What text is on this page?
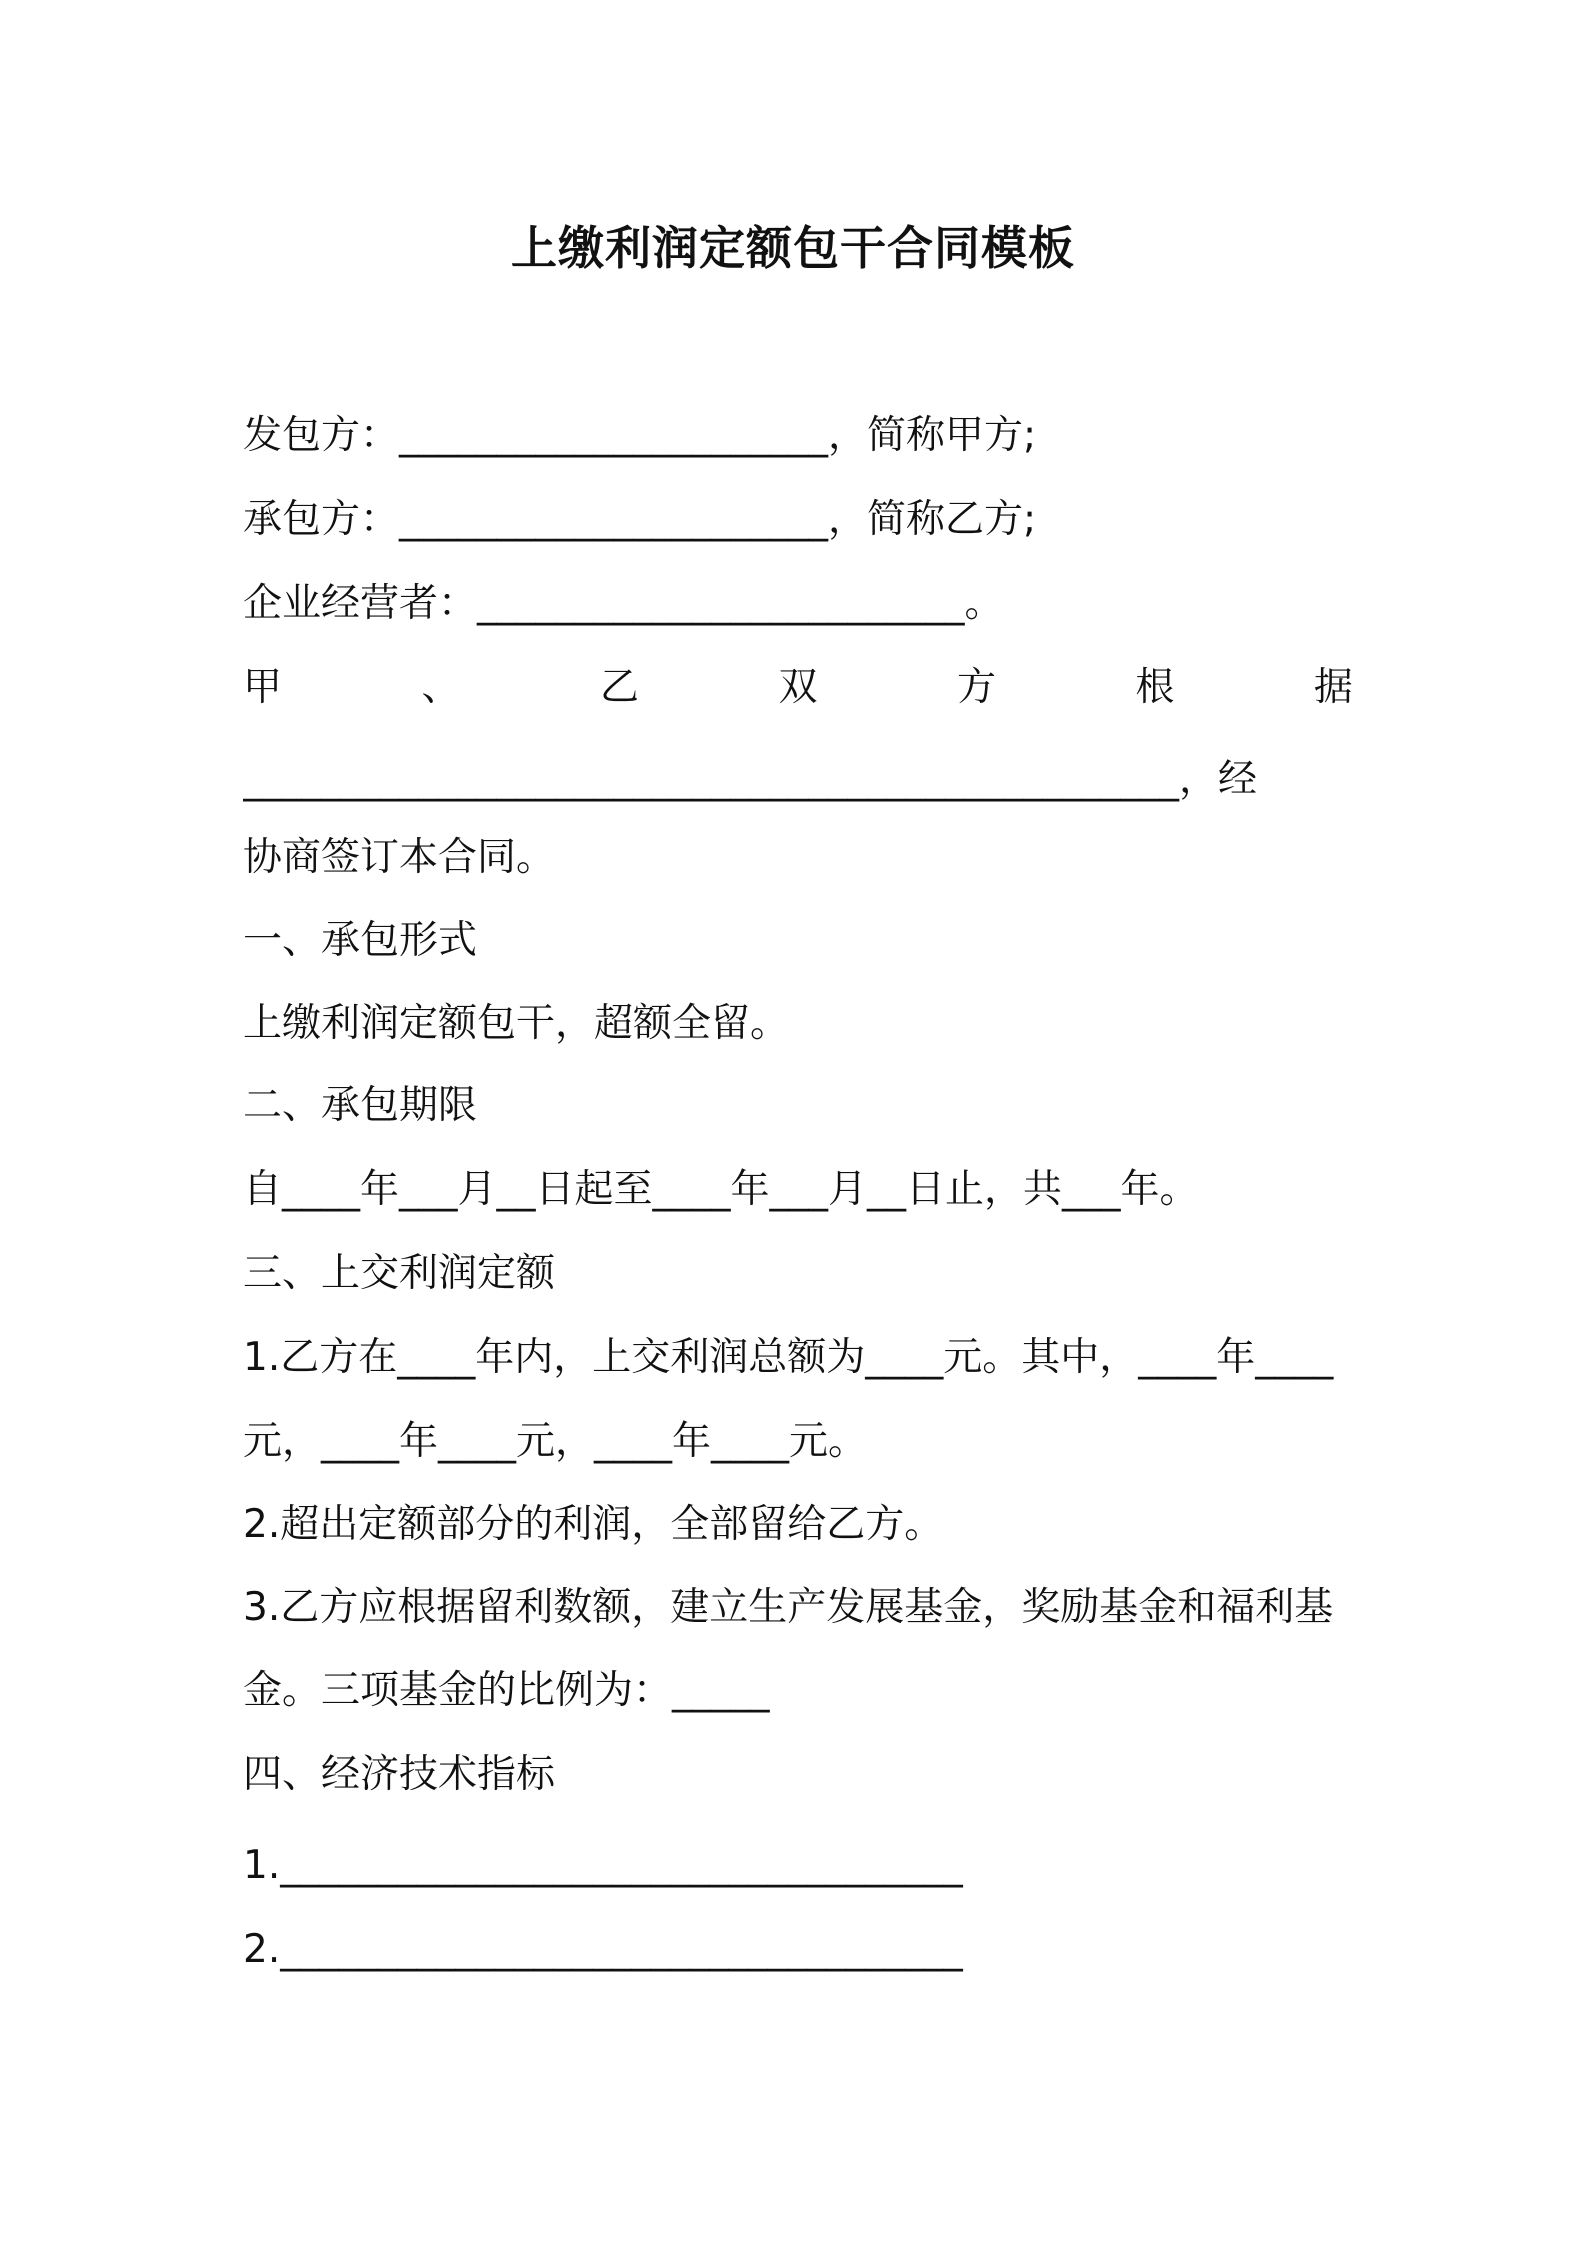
上缴利润定额包干合同模板
发包方：______________________，简称甲方;
承包方：______________________，简称乙方;
企业经营者：_________________________。
甲	、	乙	双	方	根	据
________________________________________________，经
协商签订本合同。
一、承包形式
上缴利润定额包干，超额全留。
二、承包期限
自____年___月__日起至____年___月__日止，共___年。
三、上交利润定额
1.乙方在____年内，上交利润总额为____元。其中，____年____
元，____年____元，____年____元。
2.超出定额部分的利润，全部留给乙方。
3.乙方应根据留利数额，建立生产发展基金，奖励基金和福利基
金。三项基金的比例为：_____
四、经济技术指标
1.___________________________________
2.___________________________________
